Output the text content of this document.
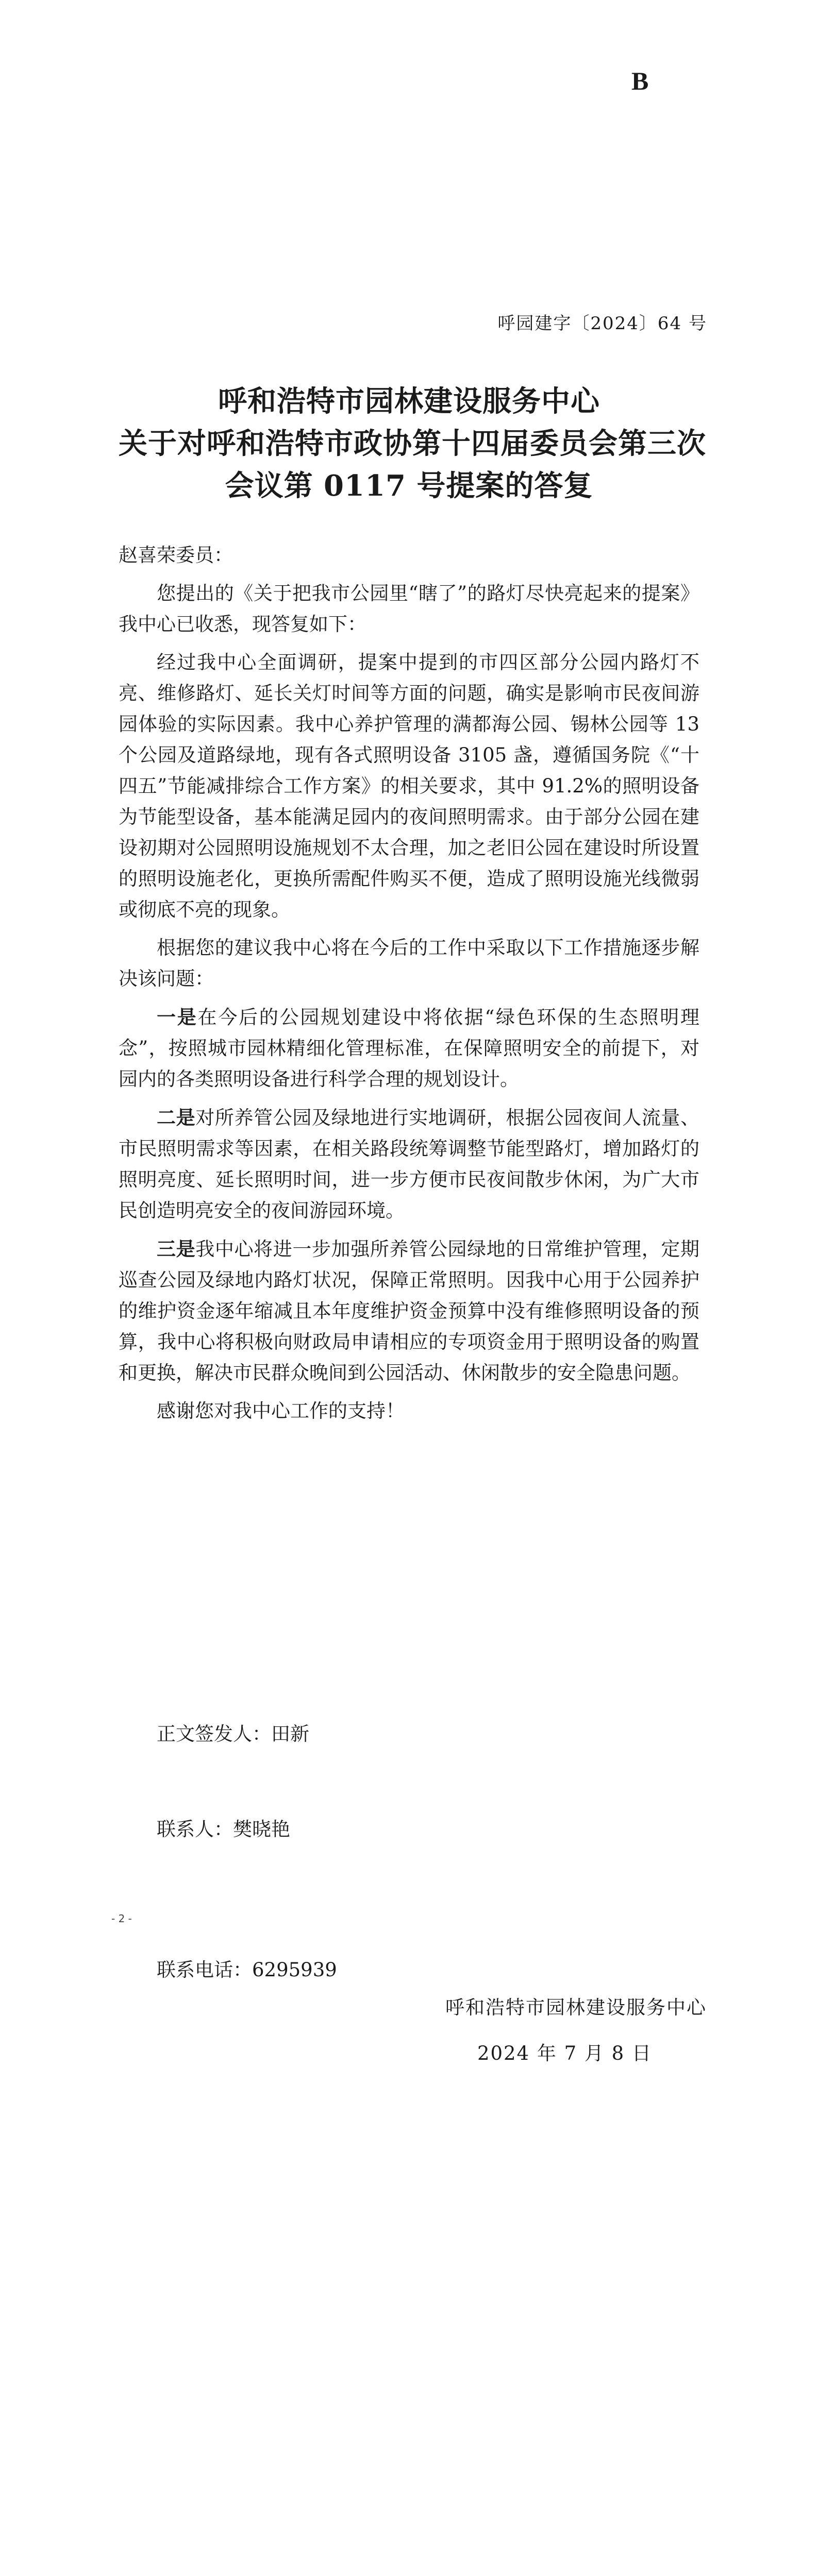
B
呼园建字〔2024〕64 号
呼和浩特市园林建设服务中心
关于对呼和浩特市政协第十四届委员会第三次
会议第 0117 号提案的答复

赵喜荣委员：

您提出的《关于把我市公园里“瞎了”的路灯尽快亮起来的提案》我中心已收悉，现答复如下：

经过我中心全面调研，提案中提到的市四区部分公园内路灯不亮、维修路灯、延长关灯时间等方面的问题，确实是影响市民夜间游园体验的实际因素。我中心养护管理的满都海公园、锡林公园等 13 个公园及道路绿地，现有各式照明设备 3105 盏，遵循国务院《“十四五”节能减排综合工作方案》的相关要求，其中 91.2%的照明设备为节能型设备，基本能满足园内的夜间照明需求。由于部分公园在建设初期对公园照明设施规划不太合理，加之老旧公园在建设时所设置的照明设施老化，更换所需配件购买不便，造成了照明设施光线微弱或彻底不亮的现象。

根据您的建议我中心将在今后的工作中采取以下工作措施逐步解决该问题：

一是在今后的公园规划建设中将依据“绿色环保的生态照明理念”，按照城市园林精细化管理标准，在保障照明安全的前提下，对园内的各类照明设备进行科学合理的规划设计。

二是对所养管公园及绿地进行实地调研，根据公园夜间人流量、市民照明需求等因素，在相关路段统筹调整节能型路灯，增加路灯的照明亮度、延长照明时间，进一步方便市民夜间散步休闲，为广大市民创造明亮安全的夜间游园环境。

三是我中心将进一步加强所养管公园绿地的日常维护管理，定期巡查公园及绿地内路灯状况，保障正常照明。因我中心用于公园养护的维护资金逐年缩减且本年度维护资金预算中没有维修照明设备的预算，我中心将积极向财政局申请相应的专项资金用于照明设备的购置和更换，解决市民群众晚间到公园活动、休闲散步的安全隐患问题。

感谢您对我中心工作的支持！

正文签发人：田新
联系人：樊晓艳
- 2 -
联系电话：6295939
呼和浩特市园林建设服务中心
2024 年 7 月 8 日
